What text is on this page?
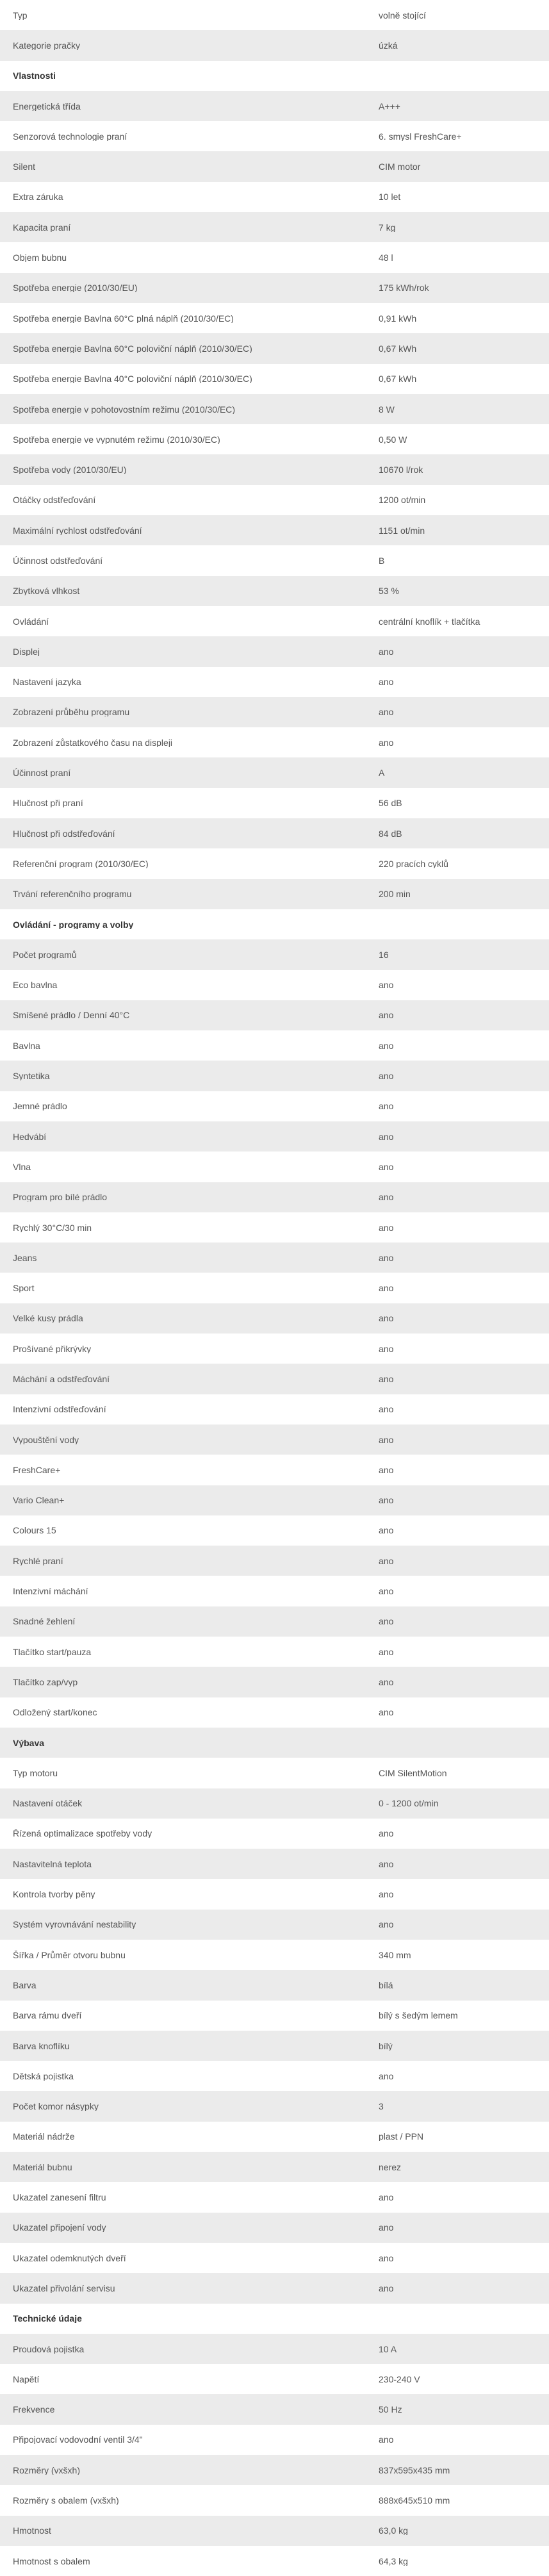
Typ	volně stojící
Kategorie pračky	úzká
Vlastnosti
Energetická třída	A+++
Senzorová technologie praní	6. smysl FreshCare+
Silent	CIM motor
Extra záruka	10 let
Kapacita praní	7 kg
Objem bubnu	48 l
Spotřeba energie (2010/30/EU)	175 kWh/rok
Spotřeba energie Bavlna 60°C plná náplň (2010/30/EC)	0,91 kWh
Spotřeba energie Bavlna 60°C poloviční náplň (2010/30/EC)	0,67 kWh
Spotřeba energie Bavlna 40°C poloviční náplň (2010/30/EC)	0,67 kWh
Spotřeba energie v pohotovostním režimu (2010/30/EC)	8 W
Spotřeba energie ve vypnutém režimu (2010/30/EC)	0,50 W
Spotřeba vody (2010/30/EU)	10670 l/rok
Otáčky odstřeďování	1200 ot/min
Maximální rychlost odstřeďování	1151 ot/min
Účinnost odstřeďování	B
Zbytková vlhkost	53 %
Ovládání	centrální knoflík + tlačítka
Displej	ano
Nastavení jazyka	ano
Zobrazení průběhu programu	ano
Zobrazení zůstatkového času na displeji	ano
Účinnost praní	A
Hlučnost při praní	56 dB
Hlučnost při odstřeďování	84 dB
Referenční program (2010/30/EC)	220 pracích cyklů
Trvání referenčního programu	200 min
Ovládání - programy a volby
Počet programů	16
Eco bavlna	ano
Smíšené prádlo / Denní 40°C	ano
Bavlna	ano
Syntetika	ano
Jemné prádlo	ano
Hedvábí	ano
Vlna	ano
Program pro bílé prádlo	ano
Rychlý 30°C/30 min	ano
Jeans	ano
Sport	ano
Velké kusy prádla	ano
Prošívané přikrývky	ano
Máchání a odstřeďování	ano
Intenzivní odstřeďování	ano
Vypouštění vody	ano
FreshCare+	ano
Vario Clean+	ano
Colours 15	ano
Rychlé praní	ano
Intenzivní máchání	ano
Snadné žehlení	ano
Tlačítko start/pauza	ano
Tlačítko zap/vyp	ano
Odložený start/konec	ano
Výbava
Typ motoru	CIM SilentMotion
Nastavení otáček	0 - 1200 ot/min
Řízená optimalizace spotřeby vody	ano
Nastavitelná teplota	ano
Kontrola tvorby pěny	ano
Systém vyrovnávání nestability	ano
Šířka / Průměr otvoru bubnu	340 mm
Barva	bílá
Barva rámu dveří	bílý s šedým lemem
Barva knoflíku	bílý
Dětská pojistka	ano
Počet komor násypky	3
Materiál nádrže	plast / PPN
Materiál bubnu	nerez
Ukazatel zanesení filtru	ano
Ukazatel připojení vody	ano
Ukazatel odemknutých dveří	ano
Ukazatel přivolání servisu	ano
Technické údaje
Proudová pojistka	10 A
Napětí	230-240 V
Frekvence	50 Hz
Připojovací vodovodní ventil 3/4"	ano
Rozměry (vxšxh)	837x595x435 mm
Rozměry s obalem (vxšxh)	888x645x510 mm
Hmotnost	63,0 kg
Hmotnost s obalem	64,3 kg
